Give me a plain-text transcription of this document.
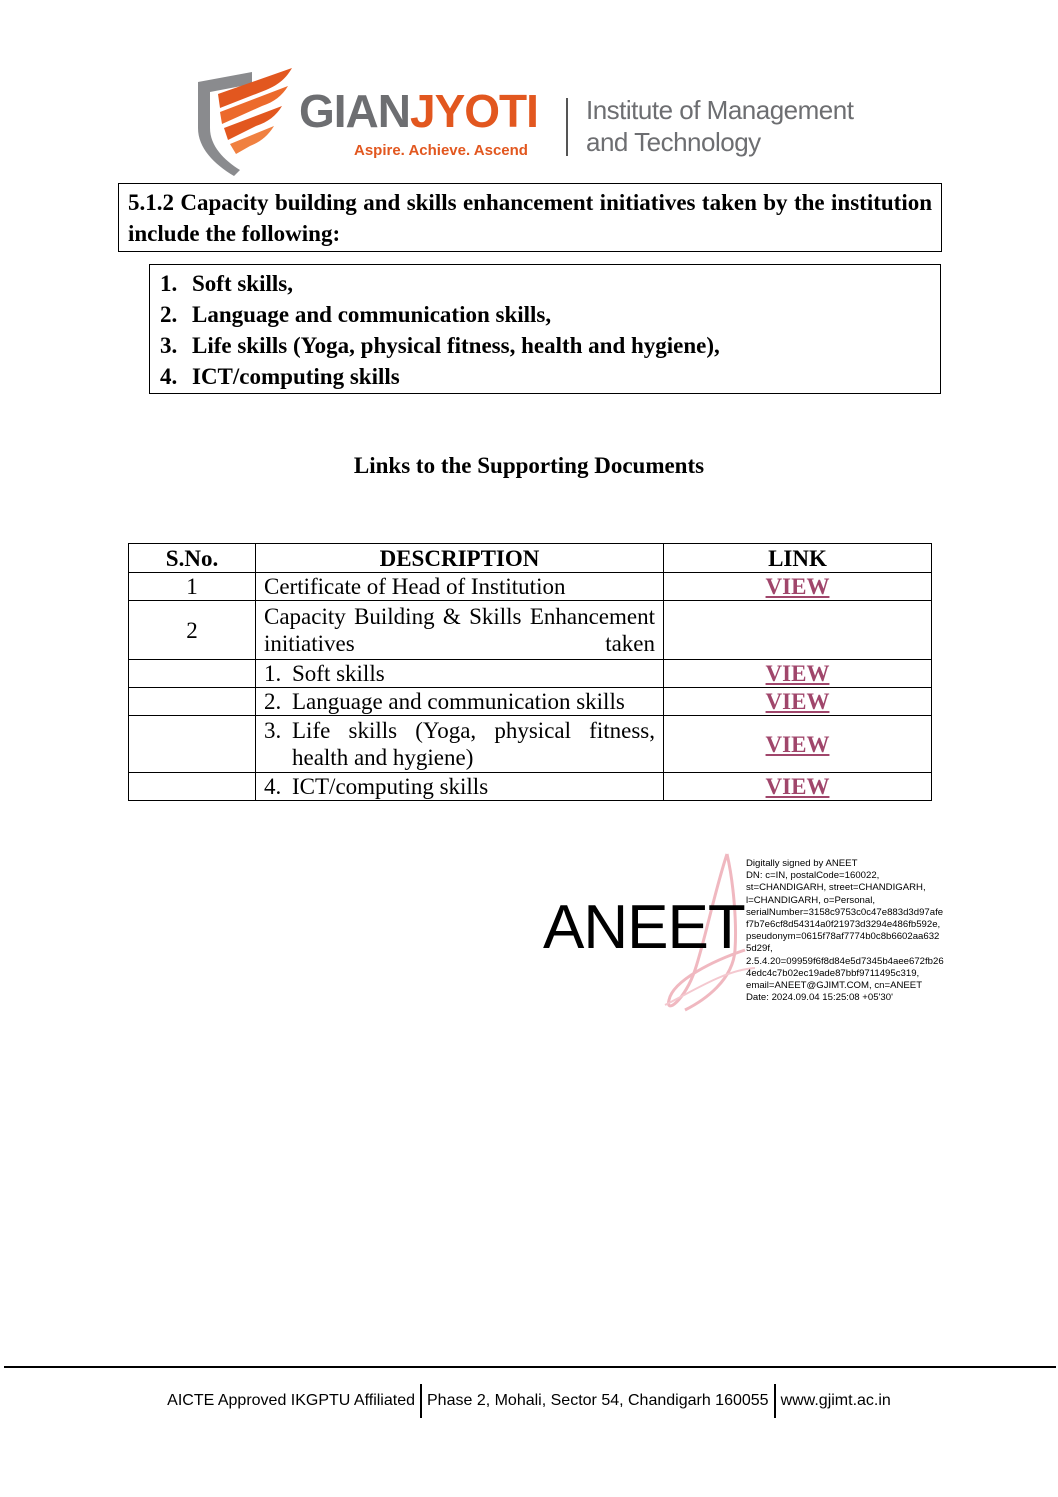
GIANJYOTI
Aspire. Achieve. Ascend
Institute of Management
and Technology
5.1.2 Capacity building and skills enhancement initiatives taken by the institution include the following:
1. Soft skills,
2. Language and communication skills,
3. Life skills (Yoga, physical fitness, health and hygiene),
4. ICT/computing skills
Links to the Supporting Documents
S.No.	DESCRIPTION	LINK
1	Certificate of Head of Institution	VIEW
2	Capacity Building & Skills Enhancement initiatives taken	

	1. Soft skills	VIEW

	2. Language and communication skills	VIEW

	3. Life skills (Yoga, physical fitness, health and hygiene)	VIEW

	4. ICT/computing skills	VIEW
ANEET
Digitally signed by ANEET
DN: c=IN, postalCode=160022,
st=CHANDIGARH, street=CHANDIGARH,
l=CHANDIGARH, o=Personal,
serialNumber=3158c9753c0c47e883d3d97afe
f7b7e6cf8d54314a0f21973d3294e486fb592e,
pseudonym=0615f78af7774b0c8b6602aa632
5d29f,
2.5.4.20=09959f6f8d84e5d7345b4aee672fb26
4edc4c7b02ec19ade87bbf9711495c319,
email=ANEET@GJIMT.COM, cn=ANEET
Date: 2024.09.04 15:25:08 +05'30'
AICTE Approved IKGPTU Affiliated Phase 2, Mohali, Sector 54, Chandigarh 160055 www.gjimt.ac.in
